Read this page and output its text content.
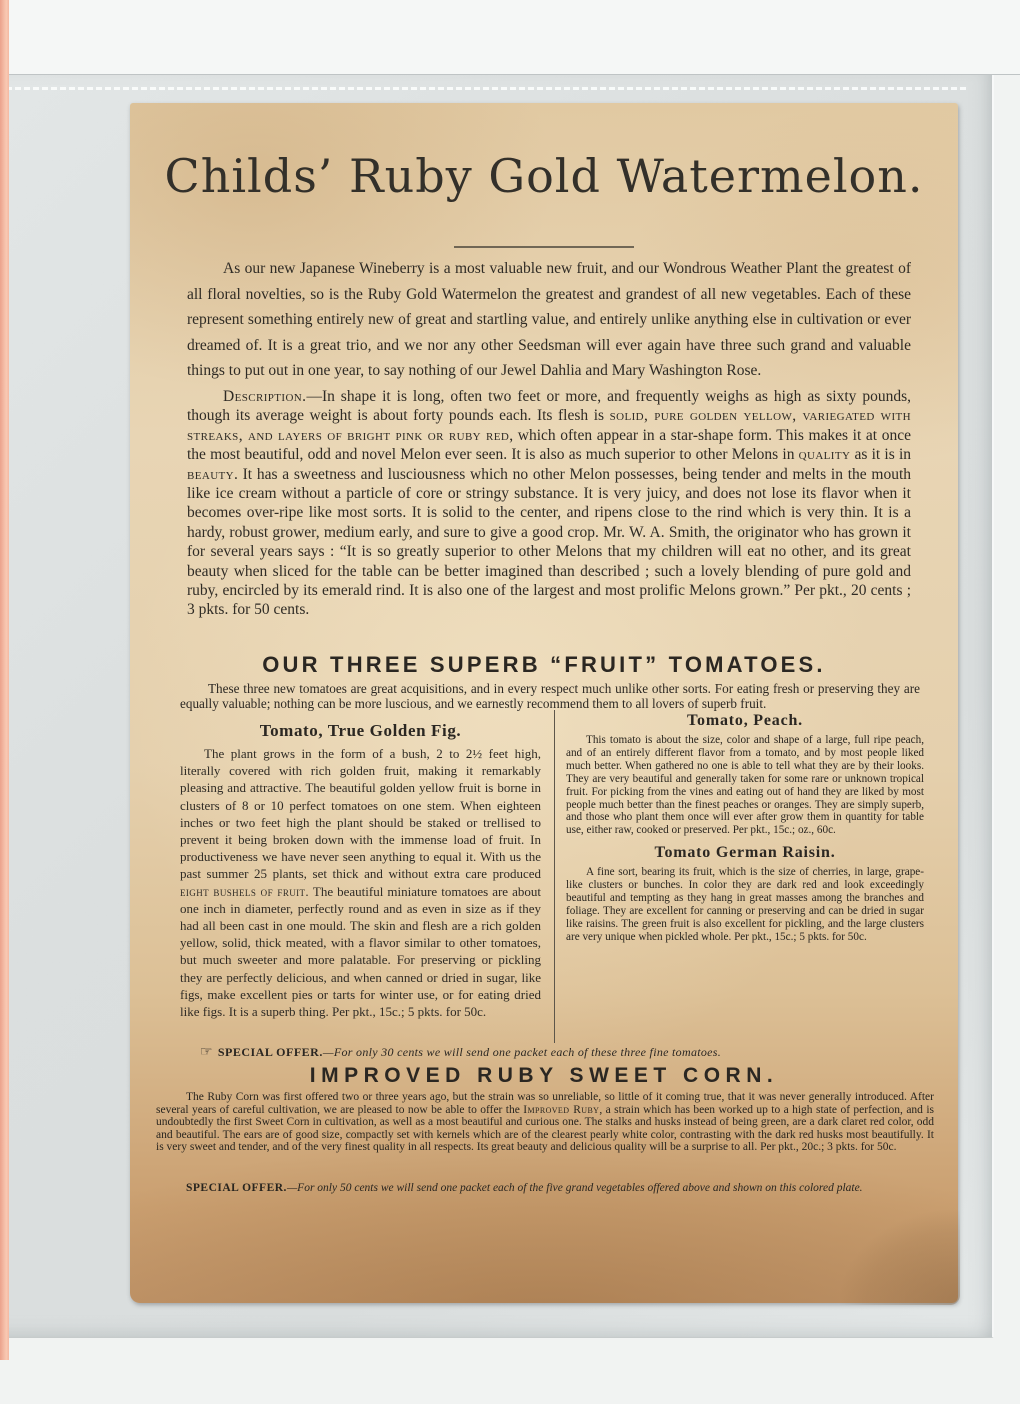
Childs’ Ruby Gold Watermelon.

As our new Japanese Wineberry is a most valuable new fruit, and our Wondrous Weather Plant the greatest of all floral novelties, so is the Ruby Gold Watermelon the greatest and grandest of all new vegetables. Each of these represent something entirely new of great and startling value, and entirely unlike anything else in cultivation or ever dreamed of. It is a great trio, and we nor any other Seedsman will ever again have three such grand and valuable things to put out in one year, to say nothing of our Jewel Dahlia and Mary Washington Rose.

Description.—In shape it is long, often two feet or more, and frequently weighs as high as sixty pounds, though its average weight is about forty pounds each. Its flesh is solid, pure golden yellow, variegated with streaks, and layers of bright pink or ruby red, which often appear in a star-shape form. This makes it at once the most beautiful, odd and novel Melon ever seen. It is also as much superior to other Melons in quality as it is in beauty. It has a sweetness and lusciousness which no other Melon possesses, being tender and melts in the mouth like ice cream without a particle of core or stringy substance. It is very juicy, and does not lose its flavor when it becomes over-ripe like most sorts. It is solid to the center, and ripens close to the rind which is very thin. It is a hardy, robust grower, medium early, and sure to give a good crop. Mr. W. A. Smith, the originator who has grown it for several years says : “It is so greatly superior to other Melons that my children will eat no other, and its great beauty when sliced for the table can be better imagined than described ; such a lovely blending of pure gold and ruby, encircled by its emerald rind. It is also one of the largest and most prolific Melons grown.” Per pkt., 20 cents ; 3 pkts. for 50 cents.

OUR THREE SUPERB “FRUIT” TOMATOES.
These three new tomatoes are great acquisitions, and in every respect much unlike other sorts. For eating fresh or preserving they are equally valuable; nothing can be more luscious, and we earnestly recommend them to all lovers of superb fruit.

Tomato, True Golden Fig.

The plant grows in the form of a bush, 2 to 2½ feet high, literally covered with rich golden fruit, making it remarkably pleasing and attractive. The beautiful golden yellow fruit is borne in clusters of 8 or 10 perfect tomatoes on one stem. When eighteen inches or two feet high the plant should be staked or trellised to prevent it being broken down with the immense load of fruit. In productiveness we have never seen anything to equal it. With us the past summer 25 plants, set thick and without extra care produced eight bushels of fruit. The beautiful miniature tomatoes are about one inch in diameter, perfectly round and as even in size as if they had all been cast in one mould. The skin and flesh are a rich golden yellow, solid, thick meated, with a flavor similar to other tomatoes, but much sweeter and more palatable. For preserving or pickling they are perfectly delicious, and when canned or dried in sugar, like figs, make excellent pies or tarts for winter use, or for eating dried like figs. It is a superb thing. Per pkt., 15c.; 5 pkts. for 50c.

Tomato, Peach.

This tomato is about the size, color and shape of a large, full ripe peach, and of an entirely different flavor from a tomato, and by most people liked much better. When gathered no one is able to tell what they are by their looks. They are very beautiful and generally taken for some rare or unknown tropical fruit. For picking from the vines and eating out of hand they are liked by most people much better than the finest peaches or oranges. They are simply superb, and those who plant them once will ever after grow them in quantity for table use, either raw, cooked or preserved. Per pkt., 15c.; oz., 60c.

Tomato German Raisin.

A fine sort, bearing its fruit, which is the size of cherries, in large, grape-like clusters or bunches. In color they are dark red and look exceedingly beautiful and tempting as they hang in great masses among the branches and foliage. They are excellent for canning or preserving and can be dried in sugar like raisins. The green fruit is also excellent for pickling, and the large clusters are very unique when pickled whole. Per pkt., 15c.; 5 pkts. for 50c.

☞ SPECIAL OFFER.—For only 30 cents we will send one packet each of these three fine tomatoes.
IMPROVED RUBY SWEET CORN.
The Ruby Corn was first offered two or three years ago, but the strain was so unreliable, so little of it coming true, that it was never generally introduced. After several years of careful cultivation, we are pleased to now be able to offer the Improved Ruby, a strain which has been worked up to a high state of perfection, and is undoubtedly the first Sweet Corn in cultivation, as well as a most beautiful and curious one. The stalks and husks instead of being green, are a dark claret red color, odd and beautiful. The ears are of good size, compactly set with kernels which are of the clearest pearly white color, contrasting with the dark red husks most beautifully. It is very sweet and tender, and of the very finest quality in all respects. Its great beauty and delicious quality will be a surprise to all. Per pkt., 20c.; 3 pkts. for 50c.
SPECIAL OFFER.—For only 50 cents we will send one packet each of the five grand vegetables offered above and shown on this colored plate.
